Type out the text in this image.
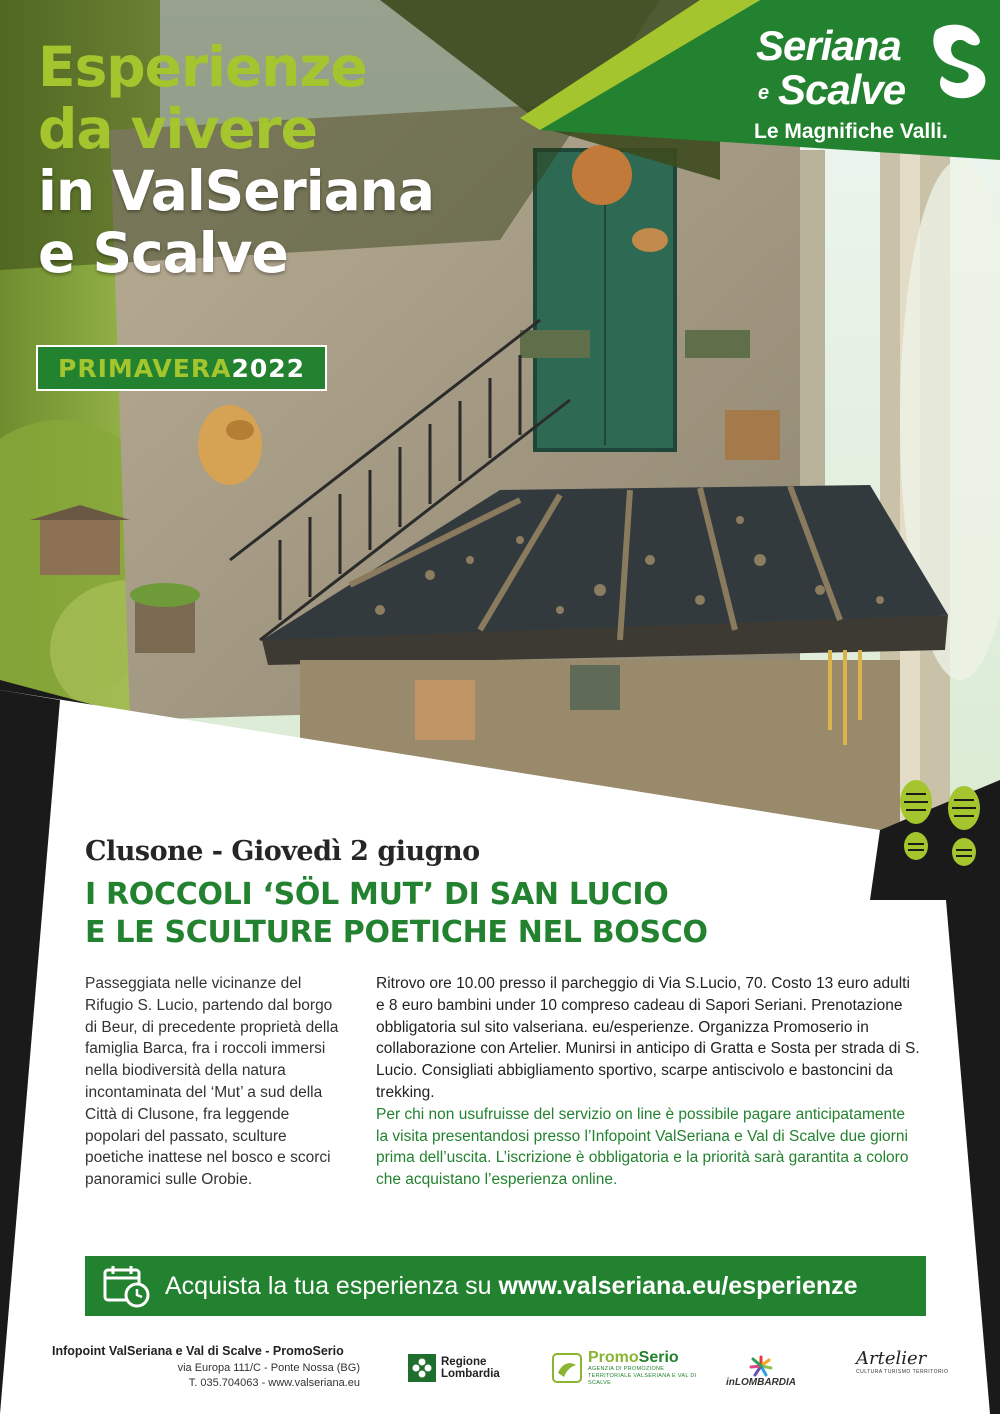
Esperienze
da vivere
in ValSeriana
e Scalve
PRIMAVERA 2022
Seriana
e Scalve
Le Magnifiche Valli.
Clusone - Giovedì 2 giugno
I ROCCOLI ‘SÖL MUT’ DI SAN LUCIO
E LE SCULTURE POETICHE NEL BOSCO

Passeggiata nelle vicinanze del Rifugio S. Lucio, partendo dal borgo di Beur, di precedente proprietà della famiglia Barca, fra i roccoli immersi nella biodiversità della natura incontaminata del ‘Mut’ a sud della Città di Clusone, fra leggende popolari del passato, sculture poetiche inattese nel bosco e scorci panoramici sulle Orobie.

Ritrovo ore 10.00 presso il parcheggio di Via S.Lucio, 70. Costo 13 euro adulti e 8 euro bambini under 10 compreso cadeau di Sapori Seriani. Prenotazione obbligatoria sul sito valseriana. eu/esperienze. Organizza Promoserio in collaborazione con Artelier. Munirsi in anticipo di Gratta e Sosta per strada di S. Lucio. Consigliati abbigliamento sportivo, scarpe antiscivolo e bastoncini da trekking.
Per chi non usufruisse del servizio on line è possibile pagare anticipatamente la visita presentandosi presso l’Infopoint ValSeriana e Val di Scalve due giorni prima dell’uscita. L’iscrizione è obbligatoria e la priorità sarà garantita a coloro che acquistano l’esperienza online.
Acquista la tua esperienza su www.valseriana.eu/esperienze
Infopoint ValSeriana e Val di Scalve - PromoSerio
via Europa 111/C - Ponte Nossa (BG)
T. 035.704063 - www.valseriana.eu
Regione
Lombardia
PromoSerio
AGENZIA DI PROMOZIONE TERRITORIALE VALSERIANA E VAL DI SCALVE	inLOMBARDIA
Artelier
CULTURA TURISMO TERRITORIO
